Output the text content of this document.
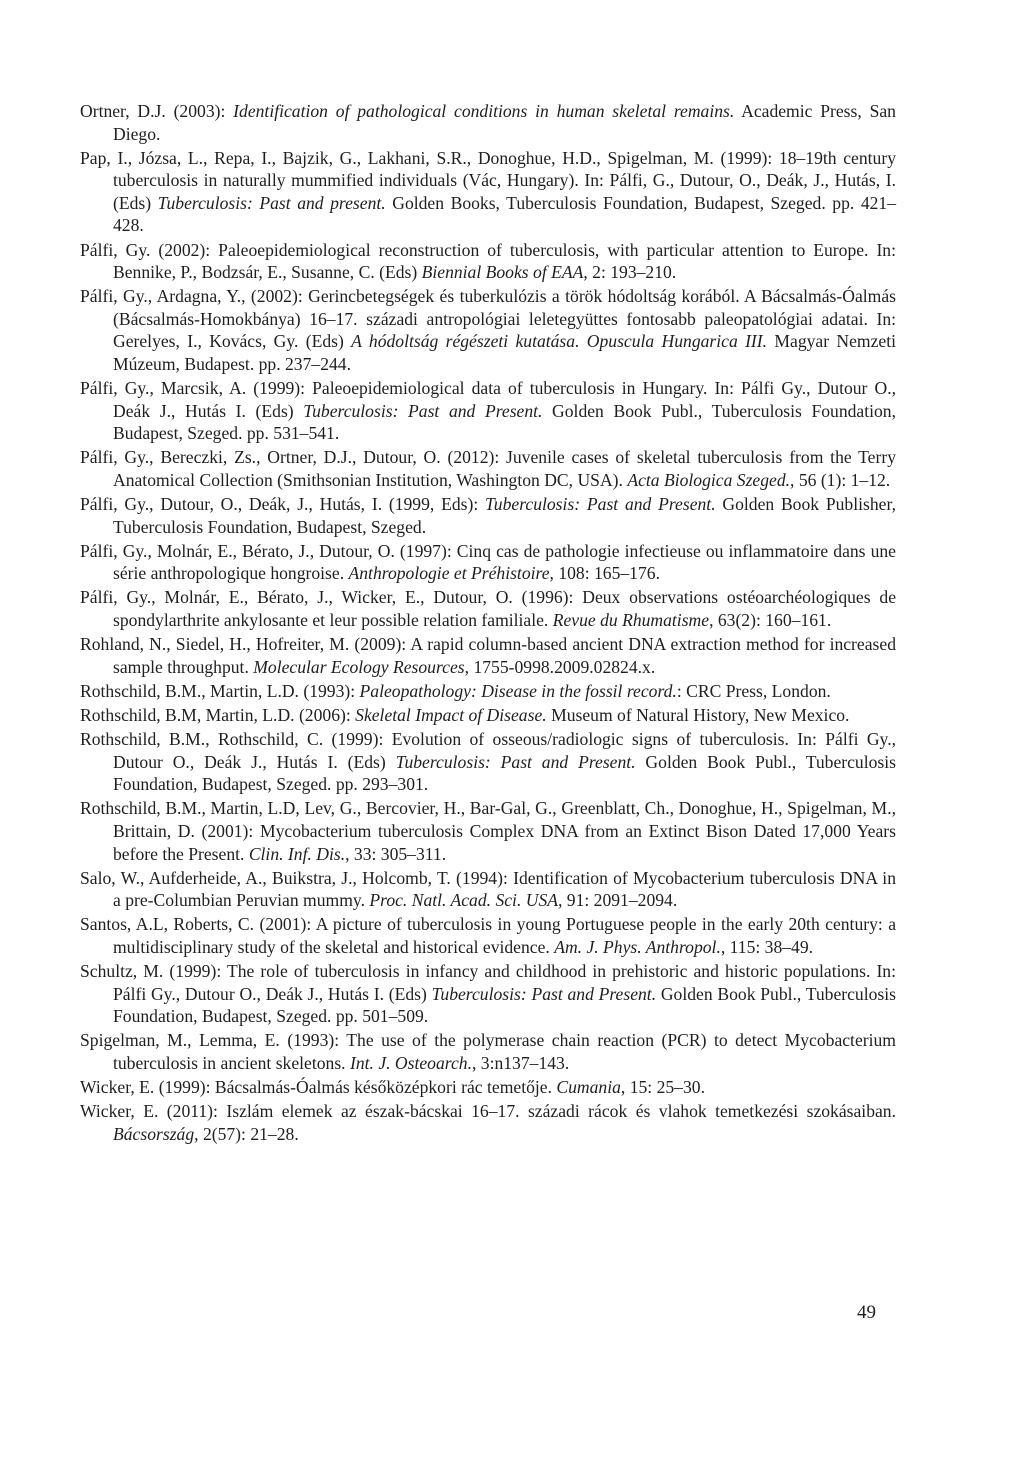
Ortner, D.J. (2003): Identification of pathological conditions in human skeletal remains. Academic Press, San Diego.

Pap, I., Józsa, L., Repa, I., Bajzik, G., Lakhani, S.R., Donoghue, H.D., Spigelman, M. (1999): 18–19th century tuberculosis in naturally mummified individuals (Vác, Hungary). In: Pálfi, G., Dutour, O., Deák, J., Hutás, I. (Eds) Tuberculosis: Past and present. Golden Books, Tuberculosis Foundation, Budapest, Szeged. pp. 421–428.

Pálfi, Gy. (2002): Paleoepidemiological reconstruction of tuberculosis, with particular attention to Europe. In: Bennike, P., Bodzsár, E., Susanne, C. (Eds) Biennial Books of EAA, 2: 193–210.

Pálfi, Gy., Ardagna, Y., (2002): Gerincbetegségek és tuberkulózis a török hódoltság korából. A Bácsalmás-Óalmás (Bácsalmás-Homokbánya) 16–17. századi antropológiai leletegyüttes fontosabb paleopatológiai adatai. In: Gerelyes, I., Kovács, Gy. (Eds) A hódoltság régészeti kutatása. Opuscula Hungarica III. Magyar Nemzeti Múzeum, Budapest. pp. 237–244.

Pálfi, Gy., Marcsik, A. (1999): Paleoepidemiological data of tuberculosis in Hungary. In: Pálfi Gy., Dutour O., Deák J., Hutás I. (Eds) Tuberculosis: Past and Present. Golden Book Publ., Tuberculosis Foundation, Budapest, Szeged. pp. 531–541.

Pálfi, Gy., Bereczki, Zs., Ortner, D.J., Dutour, O. (2012): Juvenile cases of skeletal tuberculosis from the Terry Anatomical Collection (Smithsonian Institution, Washington DC, USA). Acta Biologica Szeged., 56 (1): 1–12.

Pálfi, Gy., Dutour, O., Deák, J., Hutás, I. (1999, Eds): Tuberculosis: Past and Present. Golden Book Publisher, Tuberculosis Foundation, Budapest, Szeged.

Pálfi, Gy., Molnár, E., Bérato, J., Dutour, O. (1997): Cinq cas de pathologie infectieuse ou inflammatoire dans une série anthropologique hongroise. Anthropologie et Préhistoire, 108: 165–176.

Pálfi, Gy., Molnár, E., Bérato, J., Wicker, E., Dutour, O. (1996): Deux observations ostéoarchéologiques de spondylarthrite ankylosante et leur possible relation familiale. Revue du Rhumatisme, 63(2): 160–161.

Rohland, N., Siedel, H., Hofreiter, M. (2009): A rapid column-based ancient DNA extraction method for increased sample throughput. Molecular Ecology Resources, 1755-0998.2009.02824.x.

Rothschild, B.M., Martin, L.D. (1993): Paleopathology: Disease in the fossil record.: CRC Press, London.

Rothschild, B.M, Martin, L.D. (2006): Skeletal Impact of Disease. Museum of Natural History, New Mexico.

Rothschild, B.M., Rothschild, C. (1999): Evolution of osseous/radiologic signs of tuberculosis. In: Pálfi Gy., Dutour O., Deák J., Hutás I. (Eds) Tuberculosis: Past and Present. Golden Book Publ., Tuberculosis Foundation, Budapest, Szeged. pp. 293–301.

Rothschild, B.M., Martin, L.D, Lev, G., Bercovier, H., Bar-Gal, G., Greenblatt, Ch., Donoghue, H., Spigelman, M., Brittain, D. (2001): Mycobacterium tuberculosis Complex DNA from an Extinct Bison Dated 17,000 Years before the Present. Clin. Inf. Dis., 33: 305–311.

Salo, W., Aufderheide, A., Buikstra, J., Holcomb, T. (1994): Identification of Mycobacterium tuberculosis DNA in a pre-Columbian Peruvian mummy. Proc. Natl. Acad. Sci. USA, 91: 2091–2094.

Santos, A.L, Roberts, C. (2001): A picture of tuberculosis in young Portuguese people in the early 20th century: a multidisciplinary study of the skeletal and historical evidence. Am. J. Phys. Anthropol., 115: 38–49.

Schultz, M. (1999): The role of tuberculosis in infancy and childhood in prehistoric and historic populations. In: Pálfi Gy., Dutour O., Deák J., Hutás I. (Eds) Tuberculosis: Past and Present. Golden Book Publ., Tuberculosis Foundation, Budapest, Szeged. pp. 501–509.

Spigelman, M., Lemma, E. (1993): The use of the polymerase chain reaction (PCR) to detect Mycobacterium tuberculosis in ancient skeletons. Int. J. Osteoarch., 3:n137–143.

Wicker, E. (1999): Bácsalmás-Óalmás későközépkori rác temetője. Cumania, 15: 25–30.

Wicker, E. (2011): Iszlám elemek az észak-bácskai 16–17. századi rácok és vlahok temetkezési szokásaiban. Bácsország, 2(57): 21–28.

49
